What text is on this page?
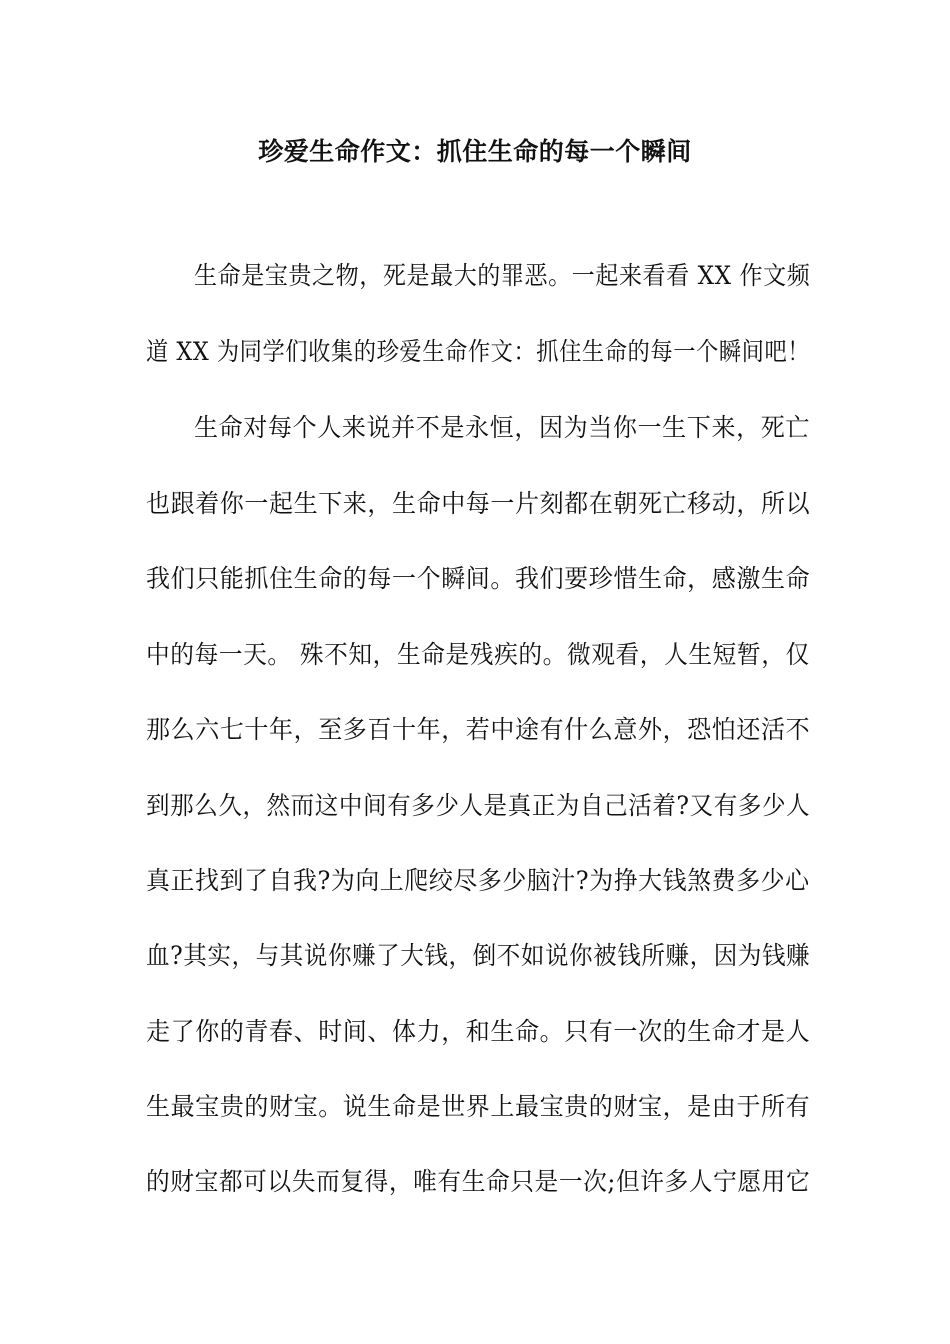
珍爱生命作文：抓住生命的每一个瞬间
生命是宝贵之物，死是最大的罪恶。一起来看看 XX 作文频
道 XX 为同学们收集的珍爱生命作文：抓住生命的每一个瞬间吧！
生命对每个人来说并不是永恒，因为当你一生下来，死亡
也跟着你一起生下来，生命中每一片刻都在朝死亡移动，所以
我们只能抓住生命的每一个瞬间。我们要珍惜生命，感激生命
中的每一天。 殊不知，生命是残疾的。微观看，人生短暂，仅
那么六七十年，至多百十年，若中途有什么意外，恐怕还活不
到那么久，然而这中间有多少人是真正为自己活着?又有多少人
真正找到了自我?为向上爬绞尽多少脑汁?为挣大钱煞费多少心
血?其实，与其说你赚了大钱，倒不如说你被钱所赚，因为钱赚
走了你的青春、时间、体力，和生命。只有一次的生命才是人
生最宝贵的财宝。说生命是世界上最宝贵的财宝，是由于所有
的财宝都可以失而复得，唯有生命只是一次;但许多人宁愿用它
